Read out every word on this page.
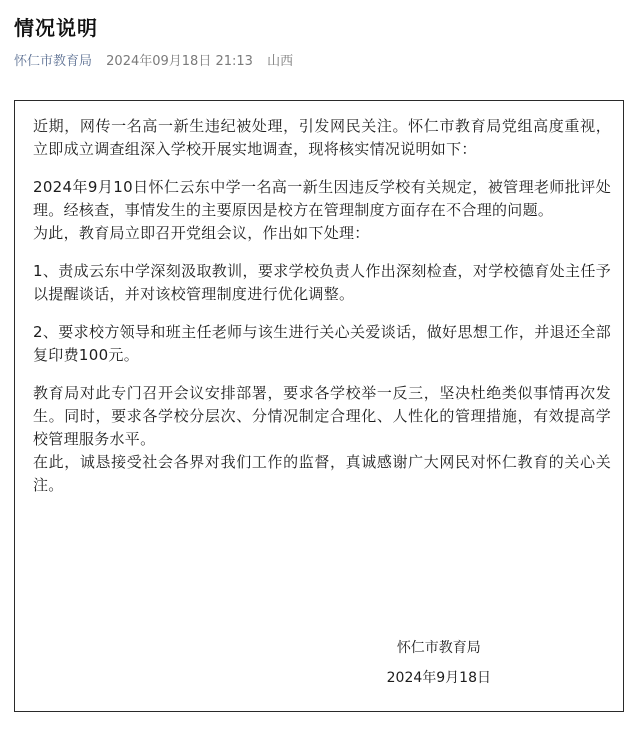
情况说明
怀仁市教育局 2024年09月18日 21:13 山西

近期，网传一名高一新生违纪被处理，引发网民关注。怀仁市教育局党组高度重视，立即成立调查组深入学校开展实地调查，现将核实情况说明如下：

2024年9月10日怀仁云东中学一名高一新生因违反学校有关规定，被管理老师批评处理。经核查，事情发生的主要原因是校方在管理制度方面存在不合理的问题。

为此，教育局立即召开党组会议，作出如下处理：

1、责成云东中学深刻汲取教训，要求学校负责人作出深刻检查，对学校德育处主任予以提醒谈话，并对该校管理制度进行优化调整。

2、要求校方领导和班主任老师与该生进行关心关爱谈话，做好思想工作，并退还全部复印费100元。

教育局对此专门召开会议安排部署，要求各学校举一反三，坚决杜绝类似事情再次发生。同时，要求各学校分层次、分情况制定合理化、人性化的管理措施，有效提高学校管理服务水平。

在此，诚恳接受社会各界对我们工作的监督，真诚感谢广大网民对怀仁教育的关心关注。

怀仁市教育局
2024年9月18日
